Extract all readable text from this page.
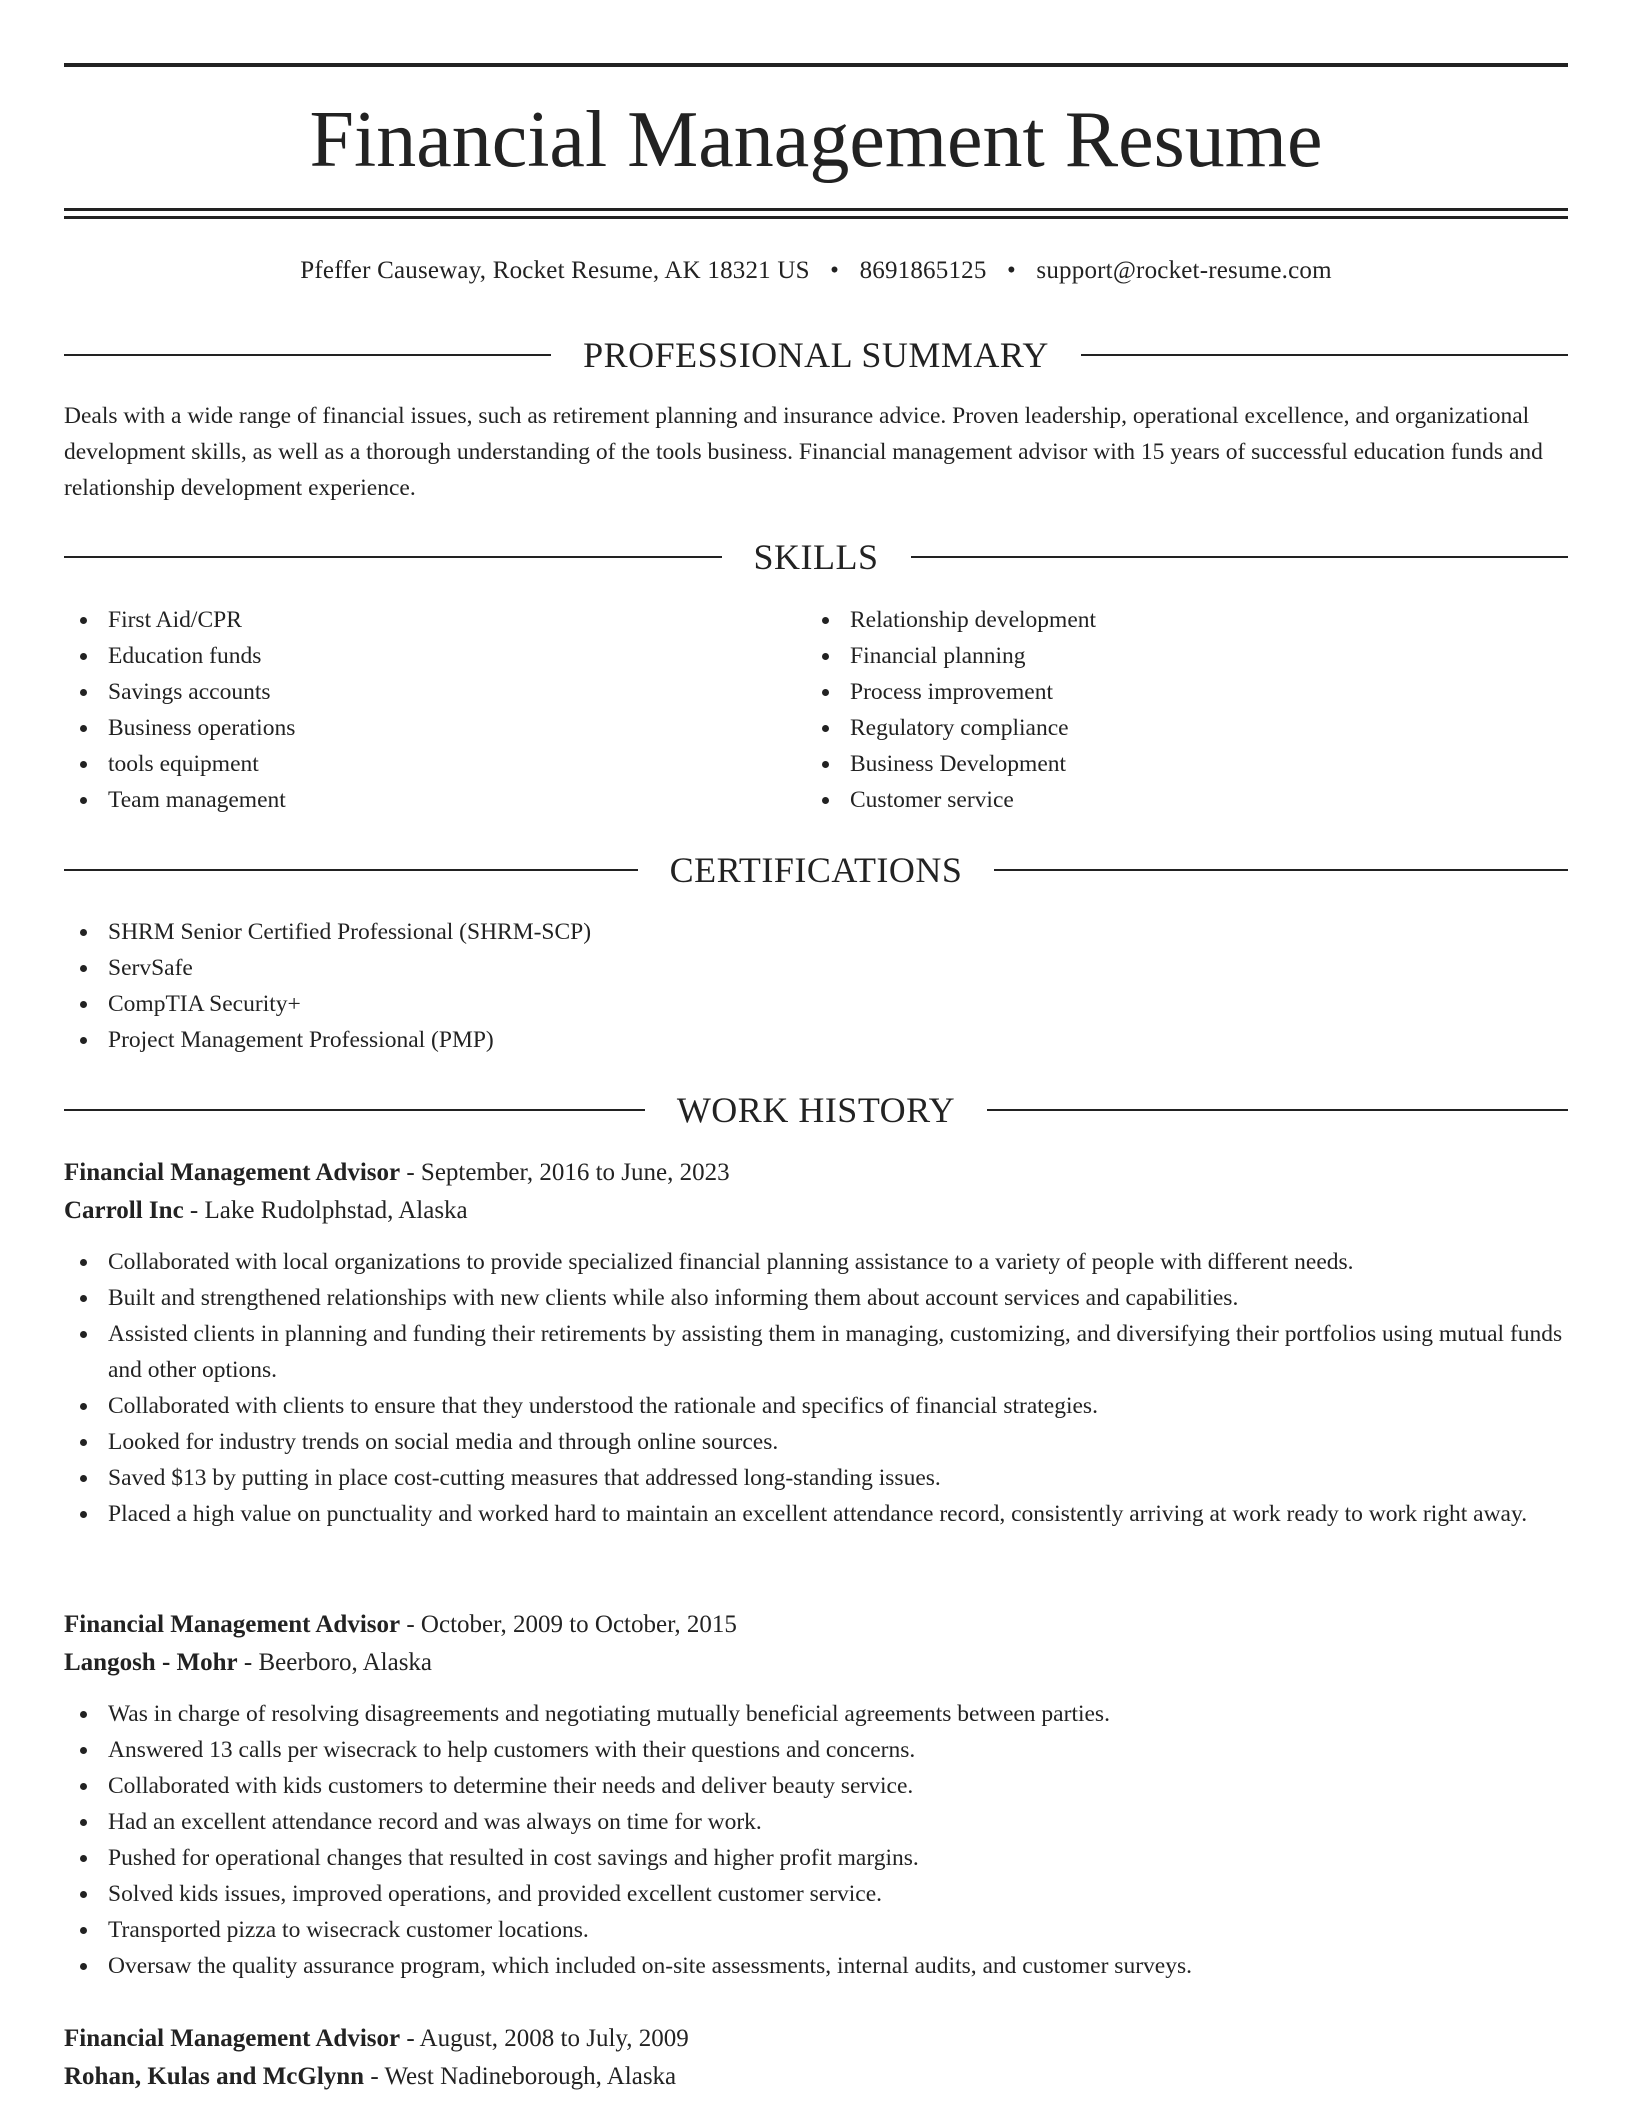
Financial Management Resume
Pfeffer Causeway, Rocket Resume, AK 18321 US • 8691865125 • support@rocket-resume.com
PROFESSIONAL SUMMARY
Deals with a wide range of financial issues, such as retirement planning and insurance advice. Proven leadership, operational excellence, and organizational development skills, as well as a thorough understanding of the tools business. Financial management advisor with 15 years of successful education funds and relationship development experience.
SKILLS
First Aid/CPR
Education funds
Savings accounts
Business operations
tools equipment
Team management
Relationship development
Financial planning
Process improvement
Regulatory compliance
Business Development
Customer service
CERTIFICATIONS
SHRM Senior Certified Professional (SHRM-SCP)
ServSafe
CompTIA Security+
Project Management Professional (PMP)
WORK HISTORY
Financial Management Advisor - September, 2016 to June, 2023
Carroll Inc - Lake Rudolphstad, Alaska
Collaborated with local organizations to provide specialized financial planning assistance to a variety of people with different needs.
Built and strengthened relationships with new clients while also informing them about account services and capabilities.
Assisted clients in planning and funding their retirements by assisting them in managing, customizing, and diversifying their portfolios using mutual funds and other options.
Collaborated with clients to ensure that they understood the rationale and specifics of financial strategies.
Looked for industry trends on social media and through online sources.
Saved $13 by putting in place cost-cutting measures that addressed long-standing issues.
Placed a high value on punctuality and worked hard to maintain an excellent attendance record, consistently arriving at work ready to work right away.
Financial Management Advisor - October, 2009 to October, 2015
Langosh - Mohr - Beerboro, Alaska
Was in charge of resolving disagreements and negotiating mutually beneficial agreements between parties.
Answered 13 calls per wisecrack to help customers with their questions and concerns.
Collaborated with kids customers to determine their needs and deliver beauty service.
Had an excellent attendance record and was always on time for work.
Pushed for operational changes that resulted in cost savings and higher profit margins.
Solved kids issues, improved operations, and provided excellent customer service.
Transported pizza to wisecrack customer locations.
Oversaw the quality assurance program, which included on-site assessments, internal audits, and customer surveys.
Financial Management Advisor - August, 2008 to July, 2009
Rohan, Kulas and McGlynn - West Nadineborough, Alaska
